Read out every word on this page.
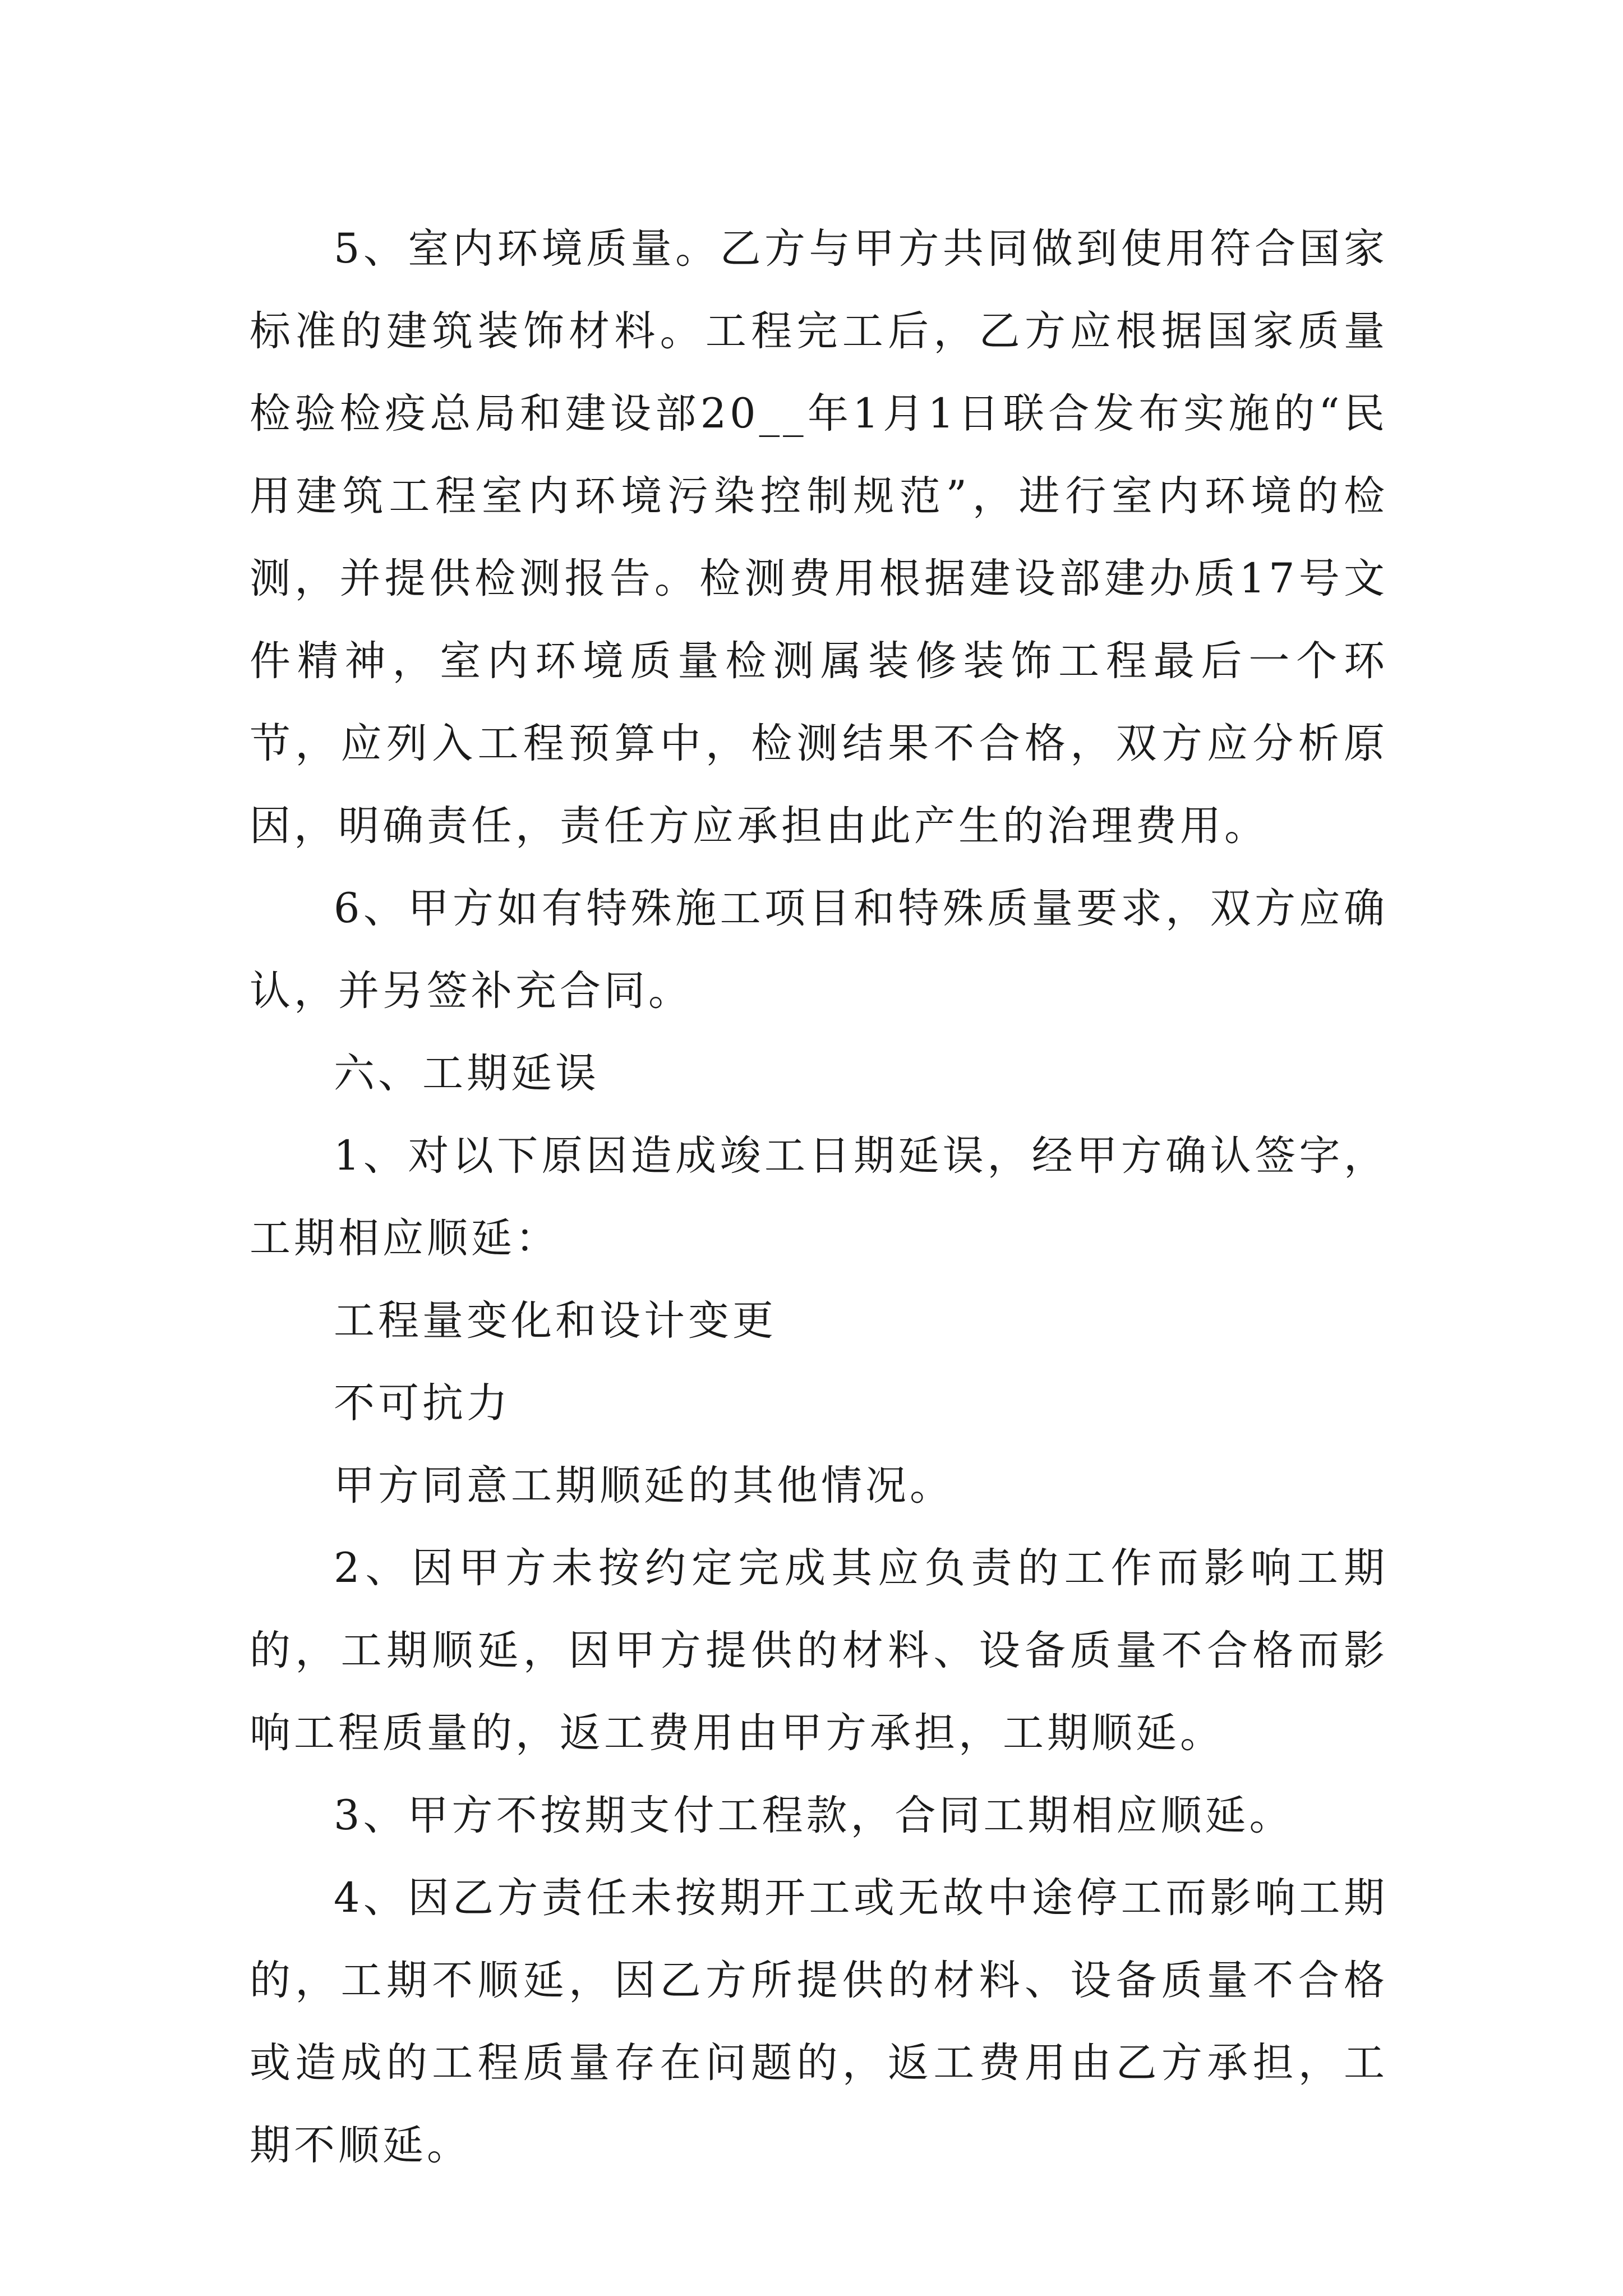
5、室内环境质量。乙方与甲方共同做到使用符合国家标准的建筑装饰材料。工程完工后，乙方应根据国家质量检验检疫总局和建设部20__年1月1日联合发布实施的“民用建筑工程室内环境污染控制规范”，进行室内环境的检测，并提供检测报告。检测费用根据建设部建办质17号文件精神，室内环境质量检测属装修装饰工程最后一个环节，应列入工程预算中，检测结果不合格，双方应分析原因，明确责任，责任方应承担由此产生的治理费用。

6、甲方如有特殊施工项目和特殊质量要求，双方应确认，并另签补充合同。

六、工期延误

1、对以下原因造成竣工日期延误，经甲方确认签字，工期相应顺延：

工程量变化和设计变更

不可抗力

甲方同意工期顺延的其他情况。

2、因甲方未按约定完成其应负责的工作而影响工期的，工期顺延，因甲方提供的材料、设备质量不合格而影响工程质量的，返工费用由甲方承担，工期顺延。

3、甲方不按期支付工程款，合同工期相应顺延。

4、因乙方责任未按期开工或无故中途停工而影响工期的，工期不顺延，因乙方所提供的材料、设备质量不合格或造成的工程质量存在问题的，返工费用由乙方承担，工期不顺延。
